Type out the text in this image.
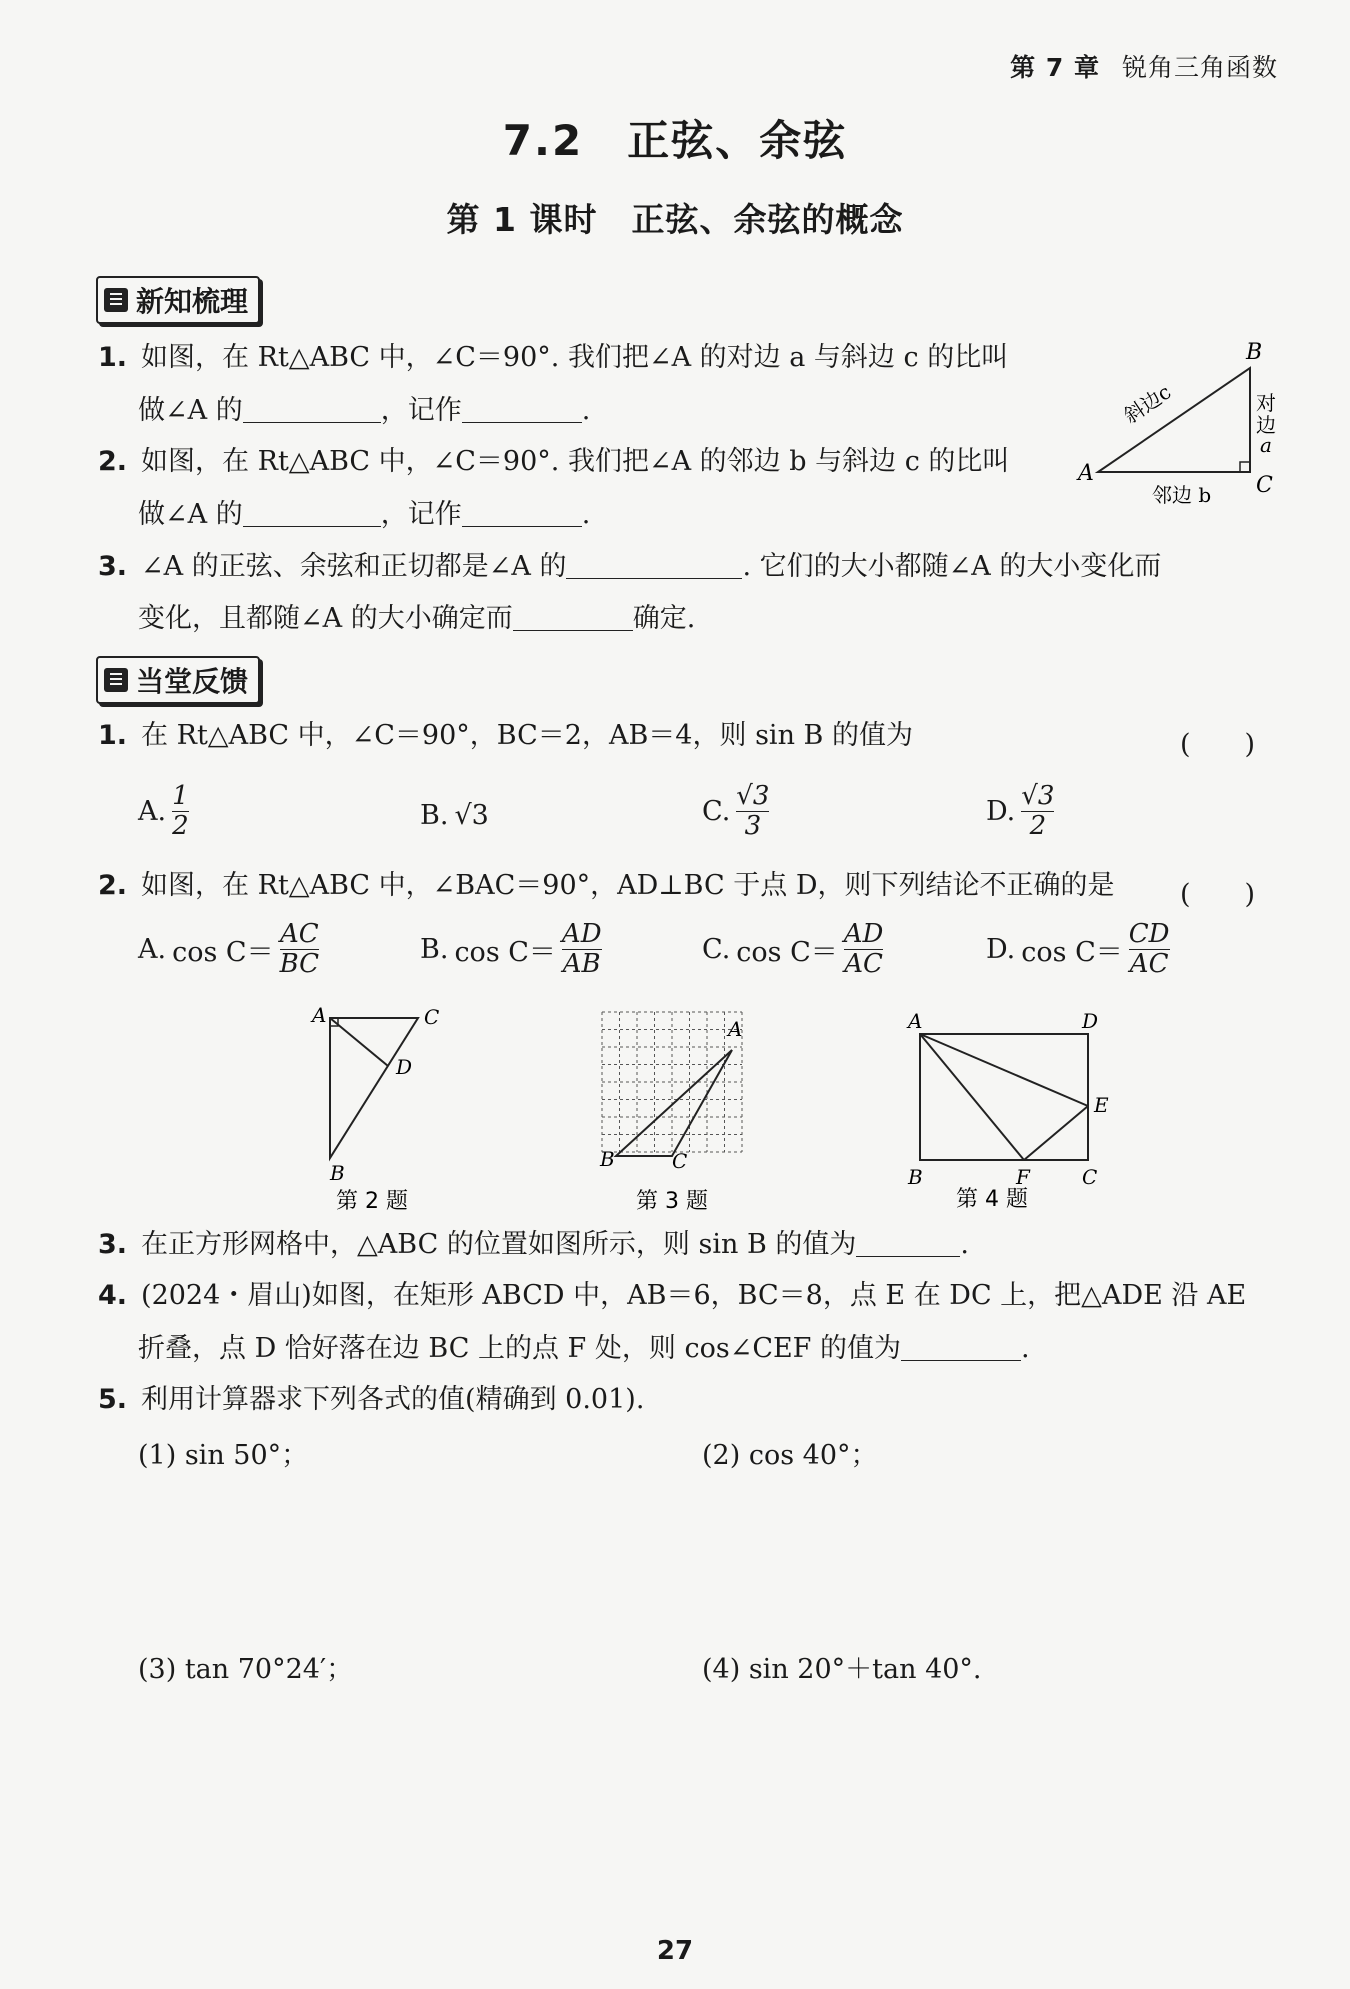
第 7 章 锐角三角函数
7.2　正弦、余弦
第 1 课时　正弦、余弦的概念
新知梳理
1. 如图，在 Rt△ABC 中，∠C＝90°. 我们把∠A 的对边 a 与斜边 c 的比叫
做∠A 的	，记作	.
2. 如图，在 Rt△ABC 中，∠C＝90°. 我们把∠A 的邻边 b 与斜边 c 的比叫
做∠A 的	，记作	.
3. ∠A 的正弦、余弦和正切都是∠A 的	. 它们的大小都随∠A 的大小变化而
变化，且都随∠A 的大小确定而	确定.
B
A	C
斜边c	对
边
a
邻边 b
当堂反馈
1. 在 Rt△ABC 中，∠C＝90°，BC＝2，AB＝4，则 sin B 的值为	(　　)
A. $\frac{1}{2}$	B. √3	C. $\frac{√3}{3}$	D. $\frac{√3}{2}$
2. 如图，在 Rt△ABC 中，∠BAC＝90°，AD⊥BC 于点 D，则下列结论不正确的是 (　　)
A. $\cos C= \frac{AC}{BC}$	B. $\cos C= \frac{AD}{AB}$	C. $\cos C= \frac{AD}{AC}$	D. $\cos C= \frac{CD}{AC}$
A	C
D
B
第 2 题
B	C
A
第 3 题
A	D
E
B	F	C
第 4 题
3. 在正方形网格中，△ABC 的位置如图所示，则 sin B 的值为	.
4. (2024・眉山)如图，在矩形 ABCD 中，AB＝6，BC＝8，点 E 在 DC 上，把△ADE 沿 AE
折叠，点 D 恰好落在边 BC 上的点 F 处，则 cos∠CEF 的值为	.
5. 利用计算器求下列各式的值(精确到 0.01).
(1) sin 50°；	(2) cos 40°；
(3) tan 70°24′；	(4) sin 20°＋tan 40°.
27
